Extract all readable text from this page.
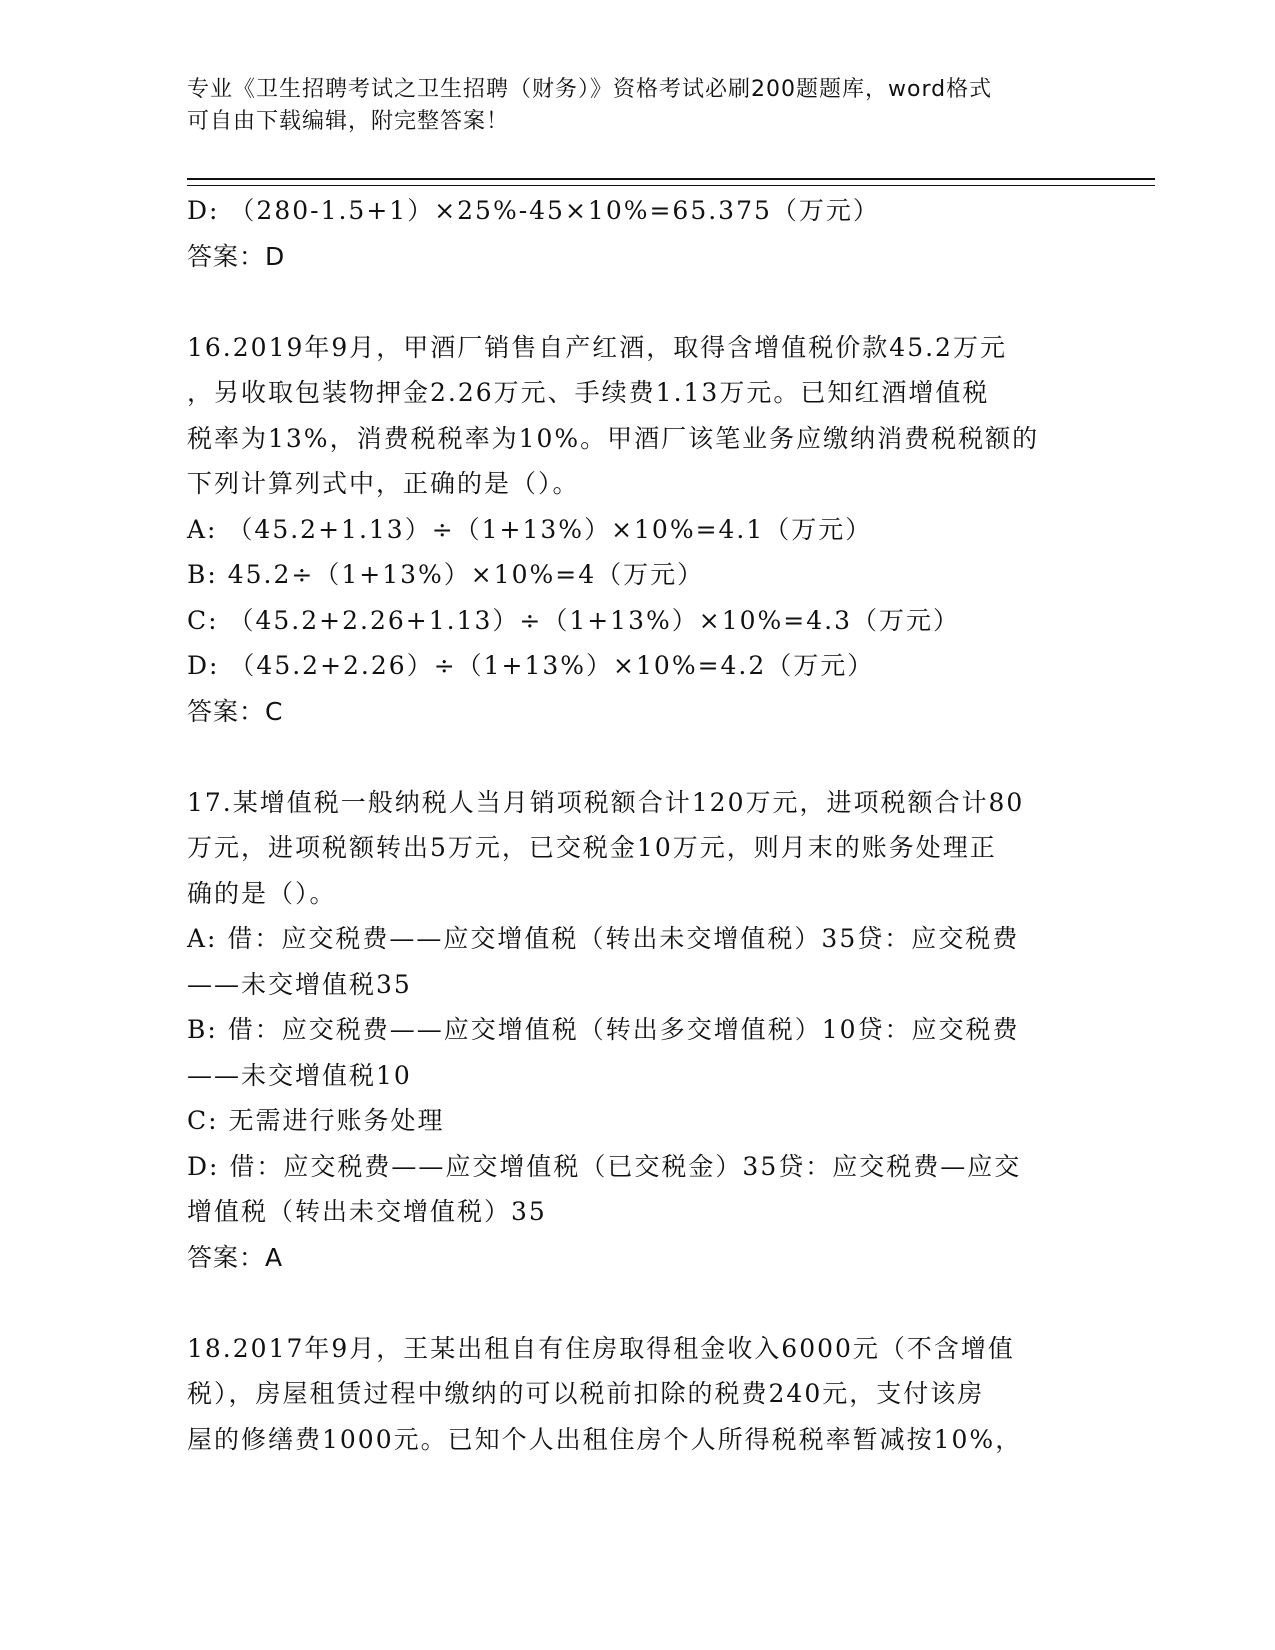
专业《卫生招聘考试之卫生招聘（财务）》资格考试必刷200题题库，word格式
可自由下载编辑，附完整答案！
D: （280-1.5+1）×25%-45×10%=65.375（万元）
答案：D
16.2019年9月，甲酒厂销售自产红酒，取得含增值税价款45.2万元
，另收取包装物押金2.26万元、手续费1.13万元。已知红酒增值税
税率为13%，消费税税率为10%。甲酒厂该笔业务应缴纳消费税税额的
下列计算列式中，正确的是（）。
A: （45.2+1.13）÷（1+13%）×10%=4.1（万元）
B: 45.2÷（1+13%）×10%=4（万元）
C: （45.2+2.26+1.13）÷（1+13%）×10%=4.3（万元）
D: （45.2+2.26）÷（1+13%）×10%=4.2（万元）
答案：C
17.某增值税一般纳税人当月销项税额合计120万元，进项税额合计80
万元，进项税额转出5万元，已交税金10万元，则月末的账务处理正
确的是（）。
A: 借：应交税费——应交增值税（转出未交增值税）35贷：应交税费
——未交增值税35
B: 借：应交税费——应交增值税（转出多交增值税）10贷：应交税费
——未交增值税10
C: 无需进行账务处理
D: 借：应交税费——应交增值税（已交税金）35贷：应交税费—应交
增值税（转出未交增值税）35
答案：A
18.2017年9月，王某出租自有住房取得租金收入6000元（不含增值
税），房屋租赁过程中缴纳的可以税前扣除的税费240元，支付该房
屋的修缮费1000元。已知个人出租住房个人所得税税率暂减按10%，
